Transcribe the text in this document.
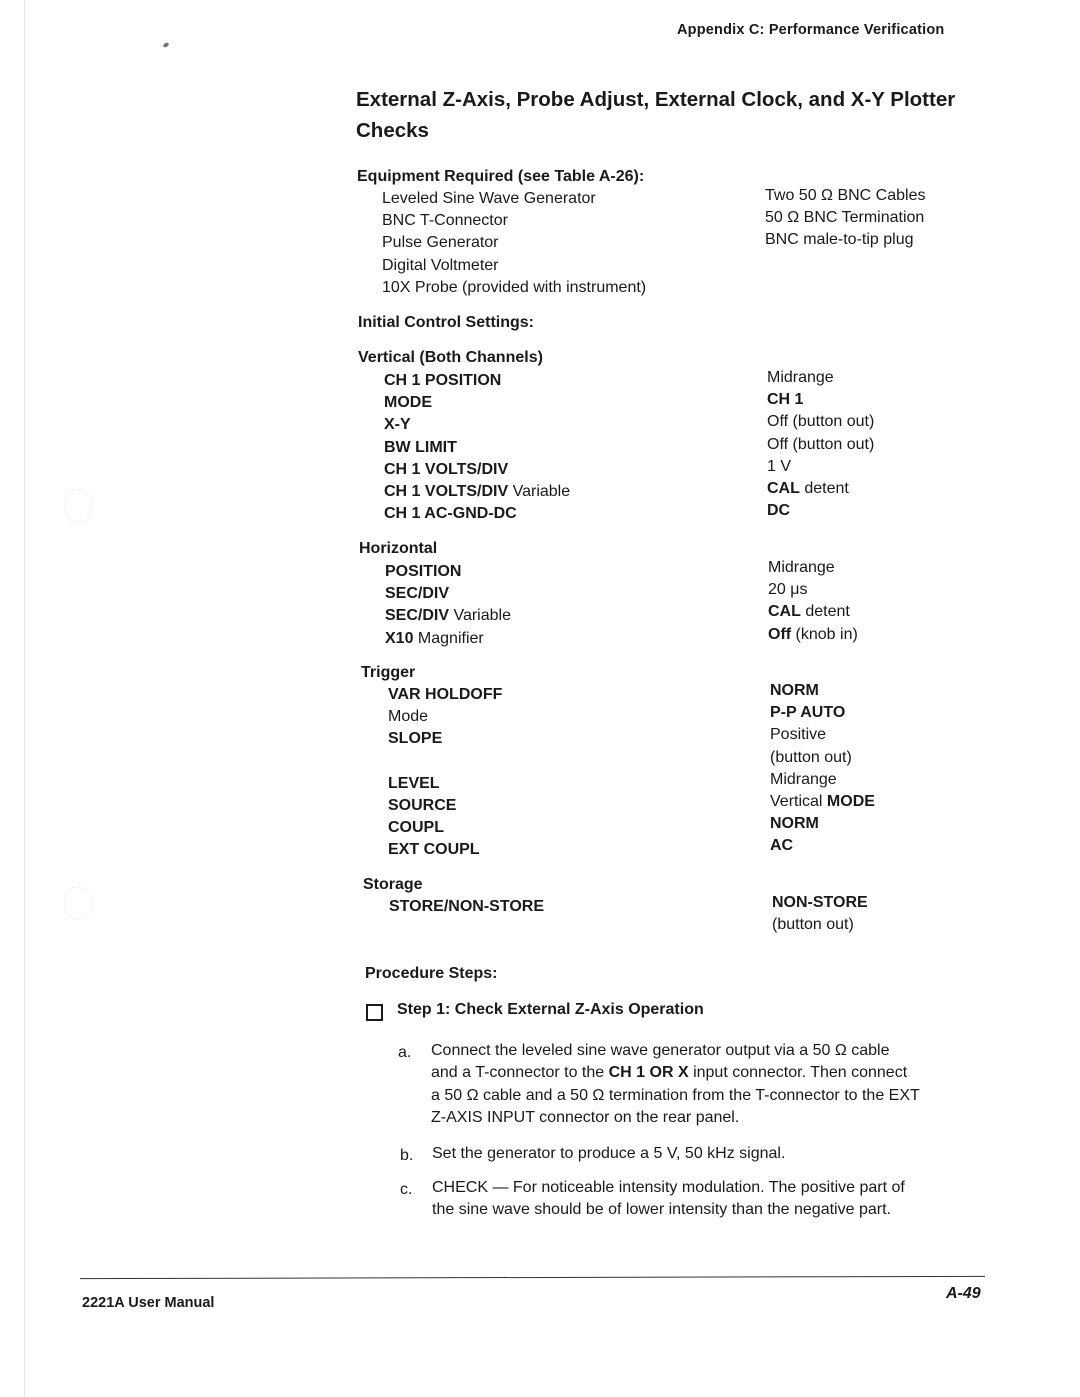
Appendix C: Performance Verification
External Z-Axis, Probe Adjust, External Clock, and X-Y Plotter Checks
Equipment Required (see Table A-26):
Leveled Sine Wave Generator
BNC T-Connector
Pulse Generator
Digital Voltmeter
10X Probe (provided with instrument)
Two 50 Ω BNC Cables
50 Ω BNC Termination
BNC male-to-tip plug
Initial Control Settings:
Vertical (Both Channels)
CH 1 POSITION
MODE
X-Y
BW LIMIT
CH 1 VOLTS/DIV
CH 1 VOLTS/DIV Variable
CH 1 AC-GND-DC
Midrange
CH 1
Off (button out)
Off (button out)
1 V
CAL detent
DC
Horizontal
POSITION
SEC/DIV
SEC/DIV Variable
X10 Magnifier
Midrange
20 μs
CAL detent
Off (knob in)
Trigger
VAR HOLDOFF
Mode
SLOPE

LEVEL
SOURCE
COUPL
EXT COUPL
NORM
P-P AUTO
Positive
(button out)
Midrange
Vertical MODE
NORM
AC
Storage
STORE/NON-STORE	NON-STORE
(button out)
Procedure Steps:
Step 1: Check External Z-Axis Operation
a. Connect the leveled sine wave generator output via a 50 Ω cable
and a T-connector to the CH 1 OR X input connector. Then connect
a 50 Ω cable and a 50 Ω termination from the T-connector to the EXT
Z-AXIS INPUT connector on the rear panel.
b. Set the generator to produce a 5 V, 50 kHz signal.
c. CHECK — For noticeable intensity modulation. The positive part of
the sine wave should be of lower intensity than the negative part.
2221A User Manual
A-49
